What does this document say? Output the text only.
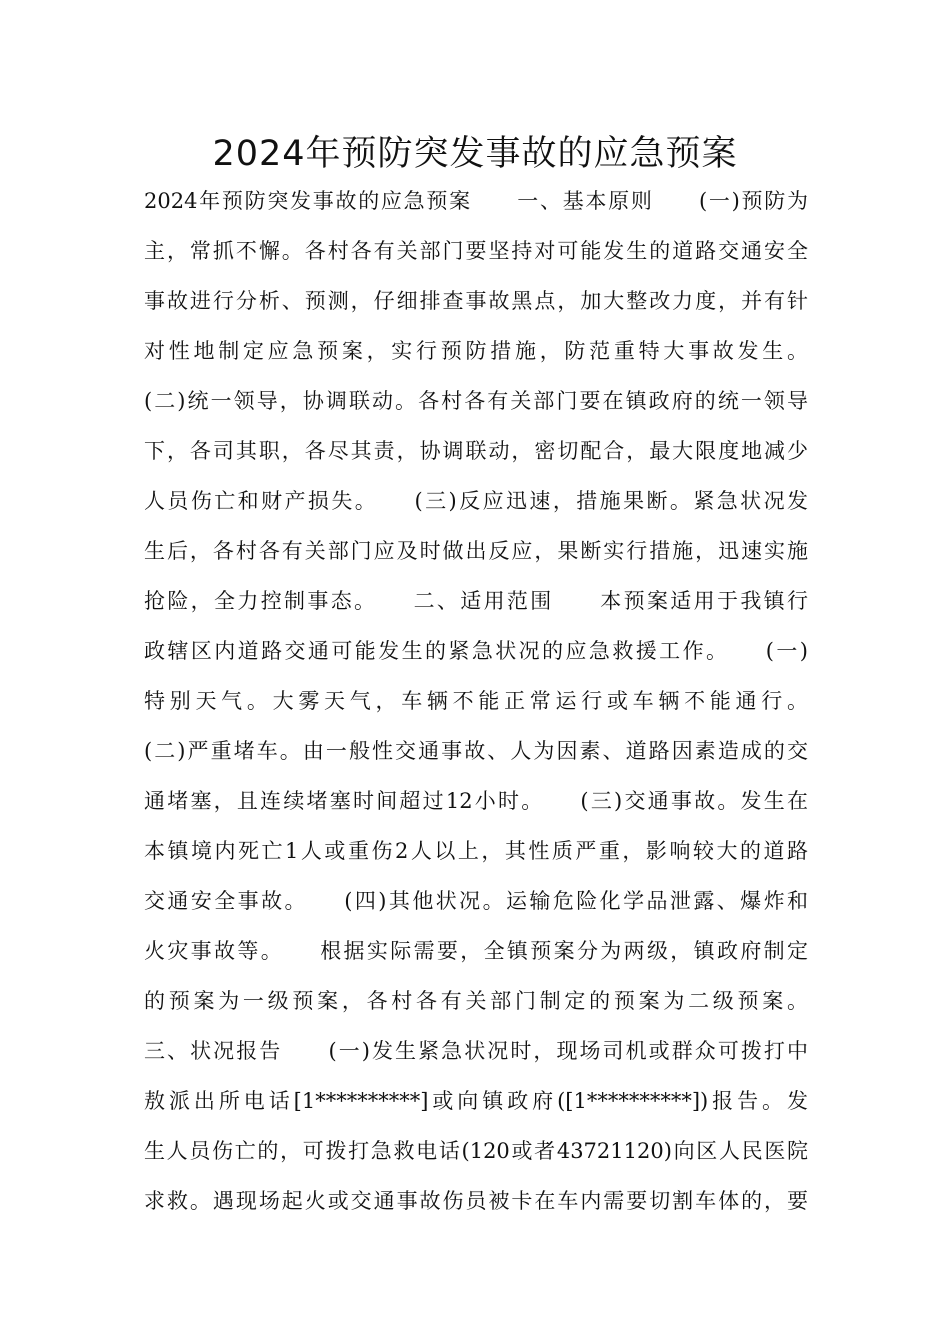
2024年预防突发事故的应急预案
2024年预防突发事故的应急预案　　一、基本原则　　(一)预防为
主，常抓不懈。各村各有关部门要坚持对可能发生的道路交通安全
事故进行分析、预测，仔细排查事故黑点，加大整改力度，并有针
对性地制定应急预案，实行预防措施，防范重特大事故发生。
(二)统一领导，协调联动。各村各有关部门要在镇政府的统一领导
下，各司其职，各尽其责，协调联动，密切配合，最大限度地减少
人员伤亡和财产损失。　　(三)反应迅速，措施果断。紧急状况发
生后，各村各有关部门应及时做出反应，果断实行措施，迅速实施
抢险，全力控制事态。　　二、适用范围　　本预案适用于我镇行
政辖区内道路交通可能发生的紧急状况的应急救援工作。　　(一)
特别天气。大雾天气，车辆不能正常运行或车辆不能通行。
(二)严重堵车。由一般性交通事故、人为因素、道路因素造成的交
通堵塞，且连续堵塞时间超过12小时。　　(三)交通事故。发生在
本镇境内死亡1人或重伤2人以上，其性质严重，影响较大的道路
交通安全事故。　　(四)其他状况。运输危险化学品泄露、爆炸和
火灾事故等。　　根据实际需要，全镇预案分为两级，镇政府制定
的预案为一级预案，各村各有关部门制定的预案为二级预案。
三、状况报告　　(一)发生紧急状况时，现场司机或群众可拨打中
敖派出所电话[1**********]或向镇政府([1**********])报告。发
生人员伤亡的，可拨打急救电话(120或者43721120)向区人民医院
求救。遇现场起火或交通事故伤员被卡在车内需要切割车体的，要
